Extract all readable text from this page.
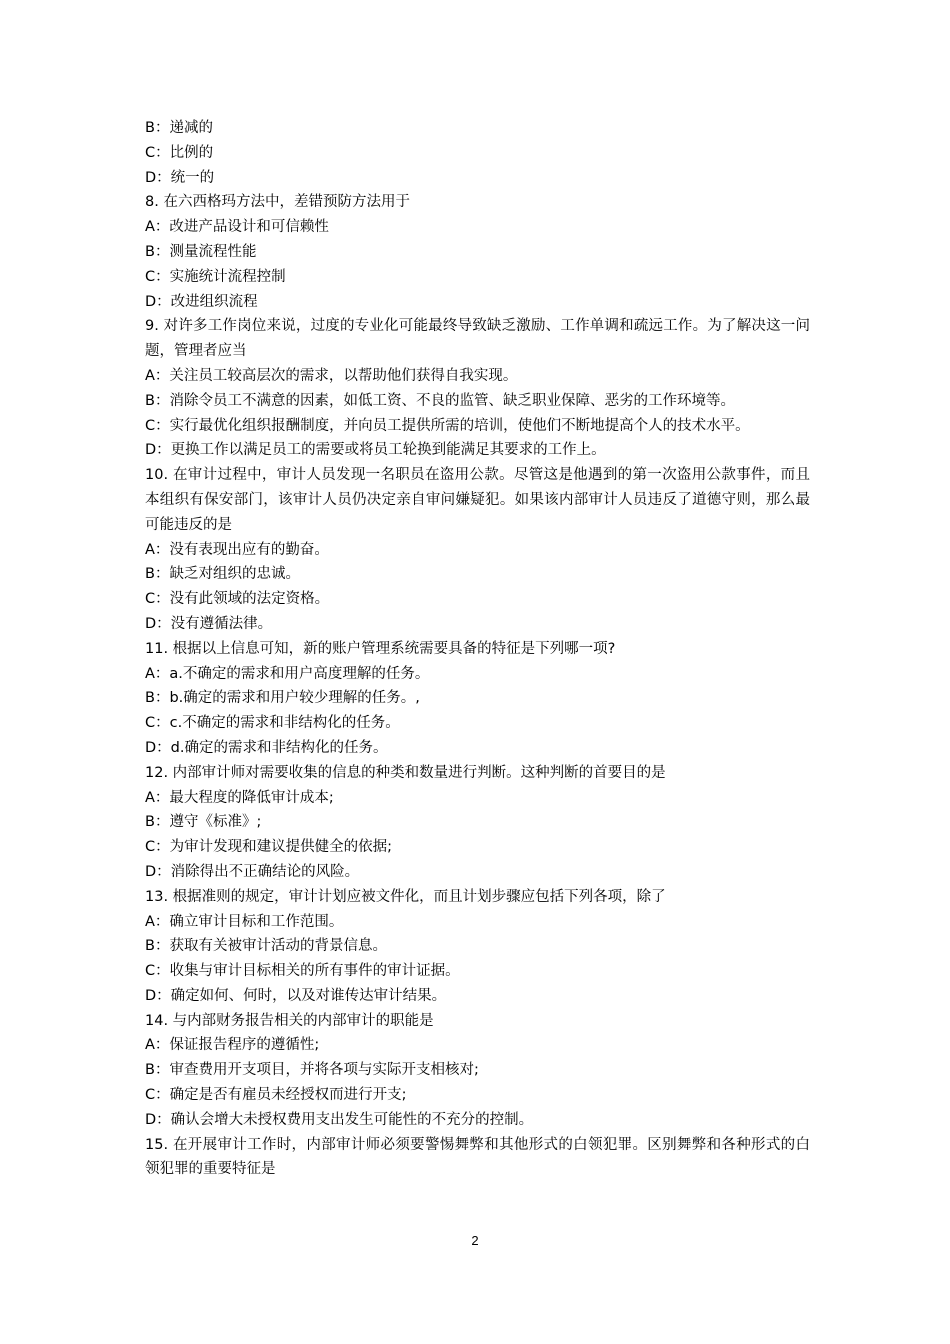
B：递减的
C：比例的
D：统一的
8. 在六西格玛方法中，差错预防方法用于
A：改进产品设计和可信赖性
B：测量流程性能
C：实施统计流程控制
D：改进组织流程
9. 对许多工作岗位来说，过度的专业化可能最终导致缺乏激励、工作单调和疏远工作。为了解决这一问题，管理者应当
A：关注员工较高层次的需求，以帮助他们获得自我实现。
B：消除令员工不满意的因素，如低工资、不良的监管、缺乏职业保障、恶劣的工作环境等。
C：实行最优化组织报酬制度，并向员工提供所需的培训，使他们不断地提高个人的技术水平。
D：更换工作以满足员工的需要或将员工轮换到能满足其要求的工作上。
10. 在审计过程中，审计人员发现一名职员在盗用公款。尽管这是他遇到的第一次盗用公款事件，而且本组织有保安部门，该审计人员仍决定亲自审问嫌疑犯。如果该内部审计人员违反了道德守则，那么最可能违反的是
A：没有表现出应有的勤奋。
B：缺乏对组织的忠诚。
C：没有此领域的法定资格。
D：没有遵循法律。
11. 根据以上信息可知，新的账户管理系统需要具备的特征是下列哪一项?
A：a.不确定的需求和用户高度理解的任务。
B：b.确定的需求和用户较少理解的任务。,
C：c.不确定的需求和非结构化的任务。
D：d.确定的需求和非结构化的任务。
12. 内部审计师对需要收集的信息的种类和数量进行判断。这种判断的首要目的是
A：最大程度的降低审计成本;
B：遵守《标准》;
C：为审计发现和建议提供健全的依据;
D：消除得出不正确结论的风险。
13. 根据准则的规定，审计计划应被文件化，而且计划步骤应包括下列各项，除了
A：确立审计目标和工作范围。
B：获取有关被审计活动的背景信息。
C：收集与审计目标相关的所有事件的审计证据。
D：确定如何、何时，以及对谁传达审计结果。
14. 与内部财务报告相关的内部审计的职能是
A：保证报告程序的遵循性;
B：审查费用开支项目，并将各项与实际开支相核对;
C：确定是否有雇员未经授权而进行开支;
D：确认会增大未授权费用支出发生可能性的不充分的控制。
15. 在开展审计工作时，内部审计师必须要警惕舞弊和其他形式的白领犯罪。区别舞弊和各种形式的白领犯罪的重要特征是
2
